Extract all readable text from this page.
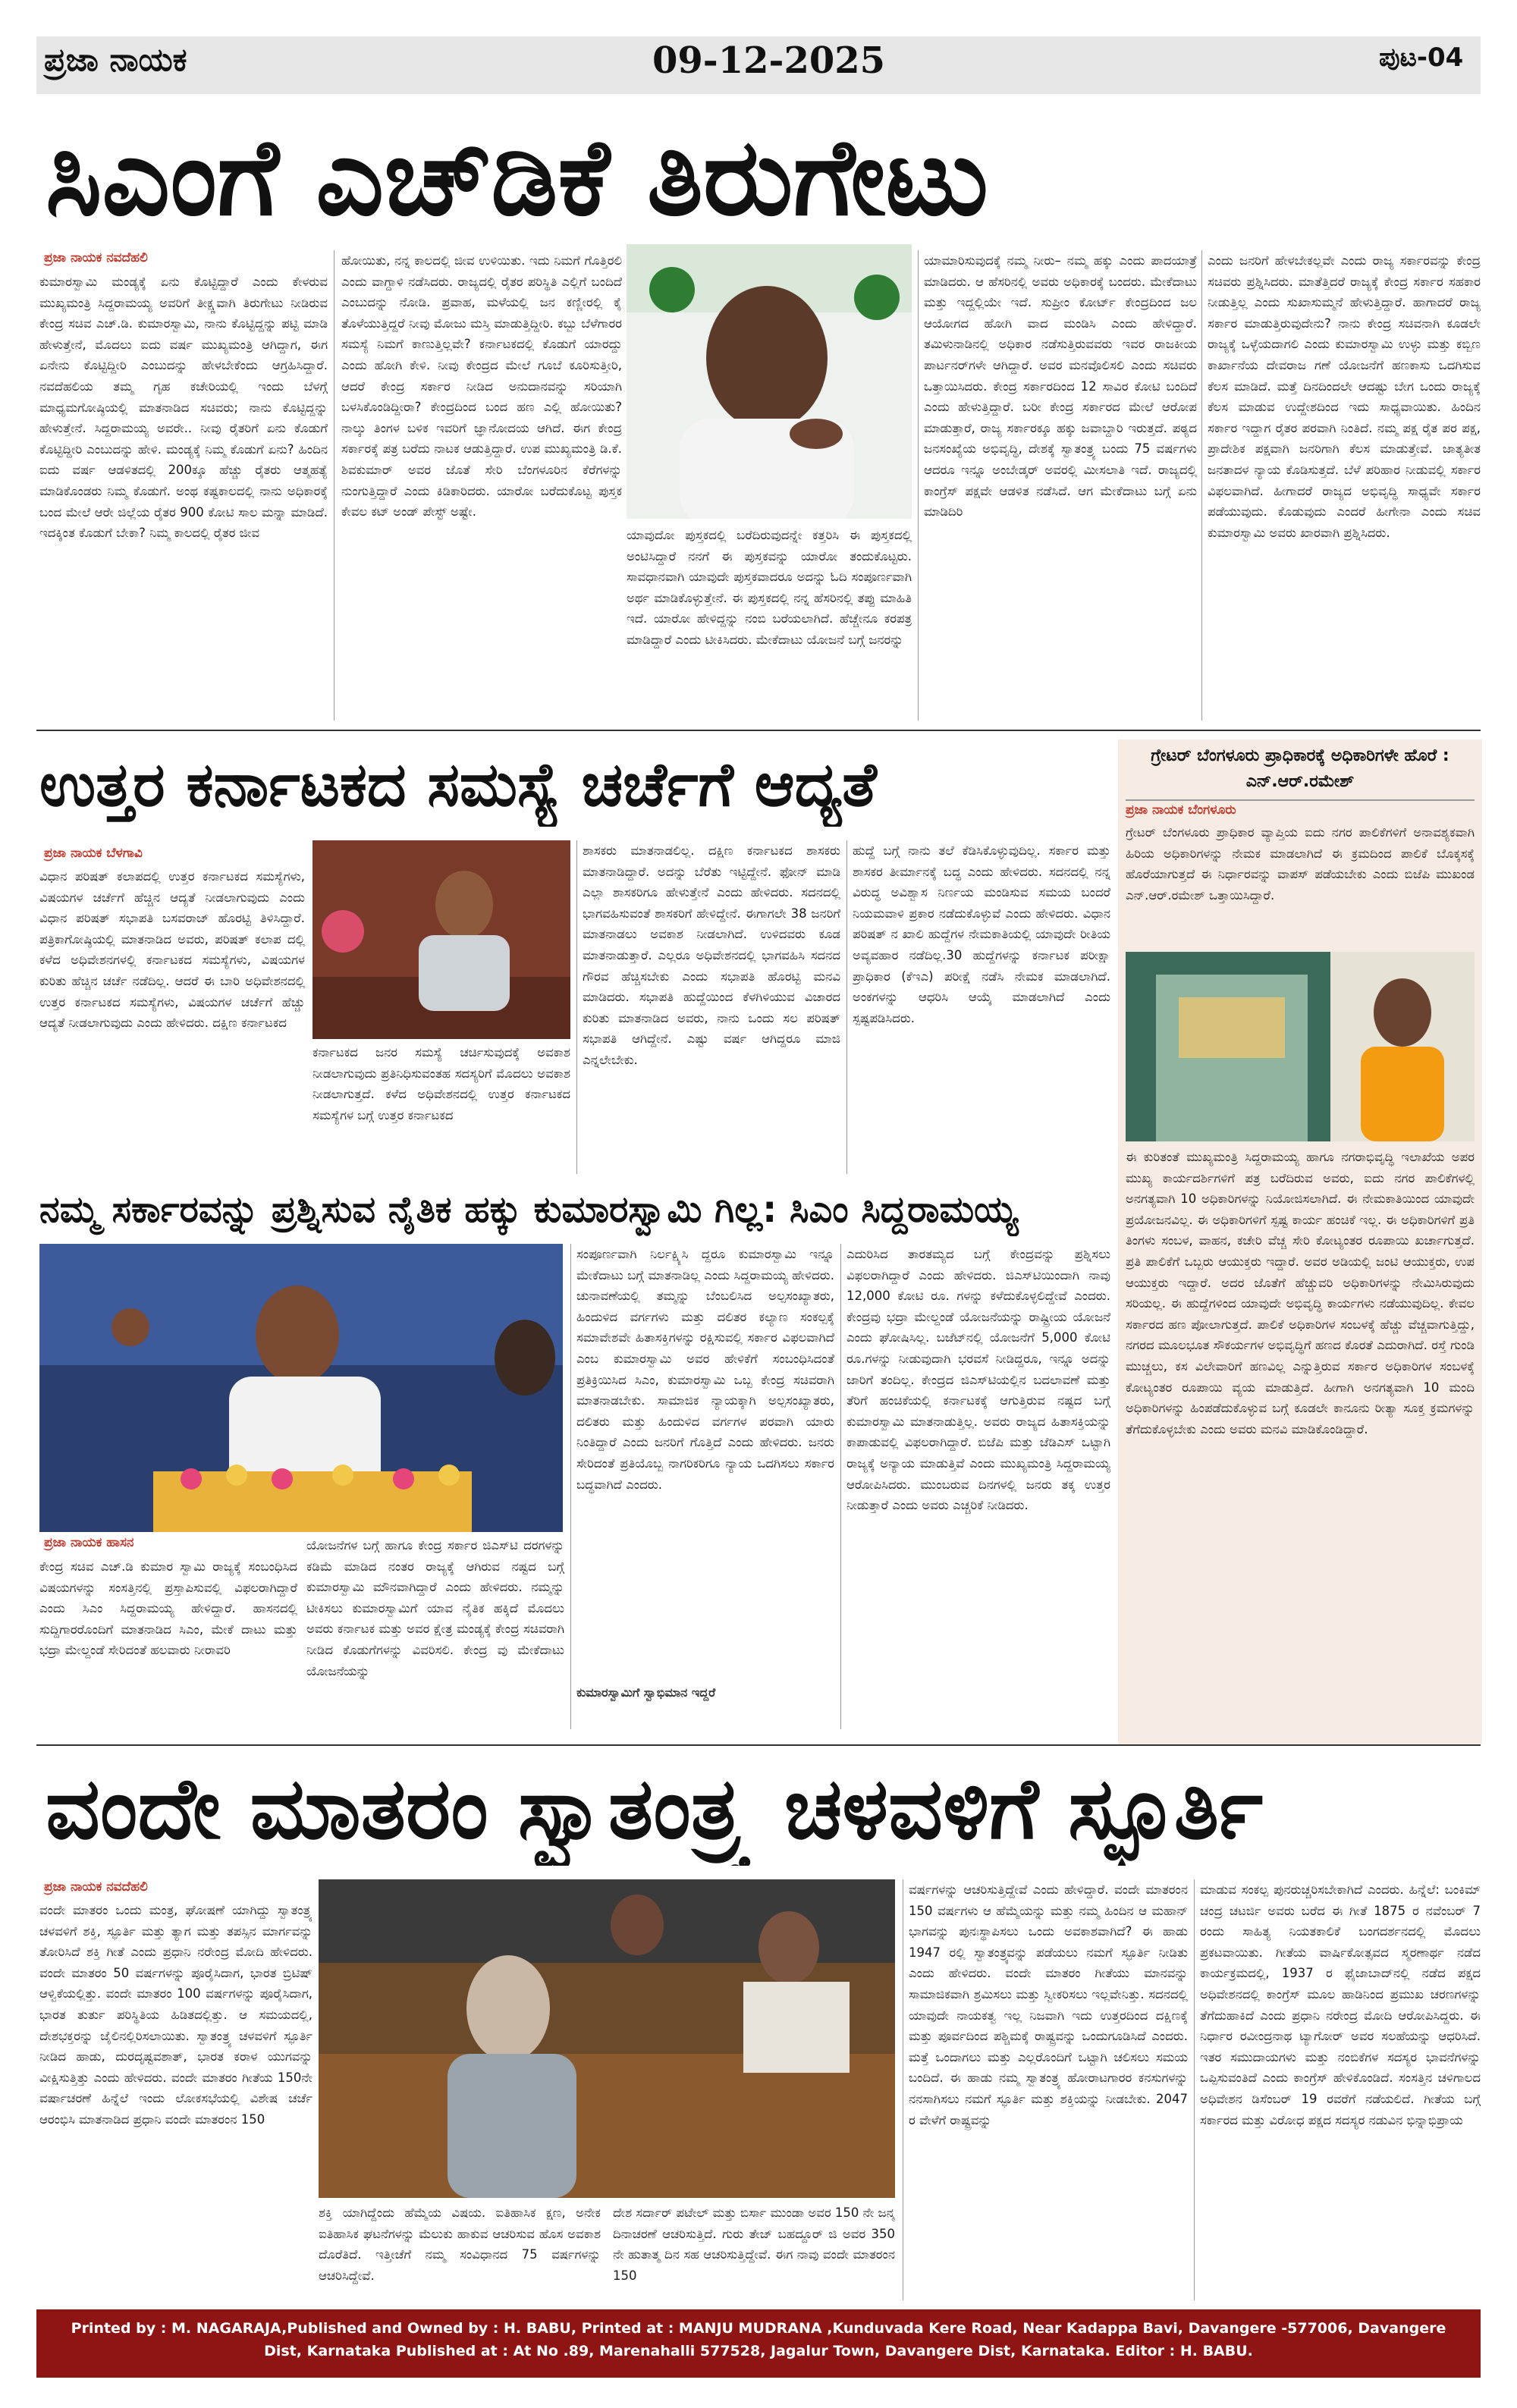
ಪ್ರಜಾ ನಾಯಕ	09-12-2025	ಪುಟ-04
ಸಿಎಂಗೆ ಎಚ್‌ಡಿಕೆ ತಿರುಗೇಟು
ಪ್ರಜಾ ನಾಯಕ ನವದೆಹಲಿ
ಕುಮಾರಸ್ವಾಮಿ ಮಂಡ್ಯಕ್ಕೆ ಏನು ಕೊಟ್ಟಿದ್ದಾರೆ ಎಂದು ಕೇಳರುವ ಮುಖ್ಯಮಂತ್ರಿ ಸಿದ್ದರಾಮಯ್ಯ ಅವರಿಗೆ ತೀಕ್ಷ್ಣವಾಗಿ ತಿರುಗೇಟು ನೀಡಿರುವ ಕೇಂದ್ರ ಸಚಿವ ಎಚ್.ಡಿ. ಕುಮಾರಸ್ವಾಮಿ, ನಾನು ಕೊಟ್ಟಿದ್ದನ್ನು ಪಟ್ಟಿ ಮಾಡಿ ಹೇಳುತ್ತೇನೆ, ಮೊದಲು ಐದು ವರ್ಷ ಮುಖ್ಯಮಂತ್ರಿ ಆಗಿದ್ದಾಗ, ಈಗ ಏನೇನು ಕೊಟ್ಟಿದ್ದೀರಿ ಎಂಬುದನ್ನು ಹೇಳಬೇಕೆಂದು ಆಗ್ರಹಿಸಿದ್ದಾರೆ. ನವದೆಹಲಿಯ ತಮ್ಮ ಗೃಹ ಕಚೇರಿಯಲ್ಲಿ ಇಂದು ಬೆಳಗ್ಗೆ ಮಾಧ್ಯಮಗೋಷ್ಠಿಯಲ್ಲಿ ಮಾತನಾಡಿದ ಸಚಿವರು; ನಾನು ಕೊಟ್ಟಿದ್ದನ್ನು ಹೇಳುತ್ತೇನೆ. ಸಿದ್ದರಾಮಯ್ಯ ಅವರೇ.. ನೀವು ರೈತರಿಗೆ ಏನು ಕೊಡುಗೆ ಕೊಟ್ಟಿದ್ದೀರಿ ಎಂಬುದನ್ನು ಹೇಳಿ. ಮಂಡ್ಯಕ್ಕೆ ನಿಮ್ಮ ಕೊಡುಗೆ ಏನು? ಹಿಂದಿನ ಐದು ವರ್ಷ ಆಡಳಿತದಲ್ಲಿ 200ಕ್ಕೂ ಹೆಚ್ಚು ರೈತರು ಆತ್ಮಹತ್ಯೆ ಮಾಡಿಕೊಂಡರು ನಿಮ್ಮ ಕೊಡುಗೆ. ಅಂಥ ಕಷ್ಟಕಾಲದಲ್ಲಿ ನಾನು ಅಧಿಕಾರಕ್ಕೆ ಬಂದ ಮೇಲೆ ಆರೇ ಜಿಲ್ಲೆಯ ರೈತರ 900 ಕೋಟಿ ಸಾಲ ಮನ್ನಾ ಮಾಡಿದೆ. ಇದಕ್ಕಿಂತ ಕೊಡುಗೆ ಬೇಕಾ? ನಿಮ್ಮ ಕಾಲದಲ್ಲಿ ರೈತರ ಜೀವ
ಹೋಯಿತು, ನನ್ನ ಕಾಲದಲ್ಲಿ ಜೀವ ಉಳಿಯಿತು. ಇದು ನಿಮಗೆ ಗೊತ್ತಿರಲಿ ಎಂದು ವಾಗ್ದಾಳಿ ನಡೆಸಿದರು. ರಾಜ್ಯದಲ್ಲಿ ರೈತರ ಪರಿಸ್ಥಿತಿ ಎಲ್ಲಿಗೆ ಬಂದಿದೆ ಎಂಬುದನ್ನು ನೋಡಿ. ಪ್ರವಾಹ, ಮಳೆಯಲ್ಲಿ ಜನ ಕಣ್ಣೀರಲ್ಲಿ ಕೈ ತೊಳೆಯುತ್ತಿದ್ದರೆ ನೀವು ಮೋಜು ಮಸ್ತಿ ಮಾಡುತ್ತಿದ್ದೀರಿ. ಕಬ್ಬು ಬೆಳೆಗಾರರ ಸಮಸ್ಯೆ ನಿಮಗೆ ಕಾಣುತ್ತಿಲ್ಲವೇ? ಕರ್ನಾಟಕದಲ್ಲಿ ಕೊಡುಗೆ ಯಾರದ್ದು ಎಂದು ಹೋಗಿ ಕೇಳಿ. ನೀವು ಕೇಂದ್ರದ ಮೇಲೆ ಗೂಬೆ ಕೂರಿಸುತ್ತೀರಿ, ಆದರೆ ಕೇಂದ್ರ ಸರ್ಕಾರ ನೀಡಿದ ಅನುದಾನವನ್ನು ಸರಿಯಾಗಿ ಬಳಸಿಕೊಂಡಿದ್ದೀರಾ? ಕೇಂದ್ರದಿಂದ ಬಂದ ಹಣ ಎಲ್ಲಿ ಹೋಯಿತು? ನಾಲ್ಕು ತಿಂಗಳ ಬಳಿಕ ಇವರಿಗೆ ಜ್ಞಾನೋದಯ ಆಗಿದೆ. ಈಗ ಕೇಂದ್ರ ಸರ್ಕಾರಕ್ಕೆ ಪತ್ರ ಬರೆದು ನಾಟಕ ಆಡುತ್ತಿದ್ದಾರೆ. ಉಪ ಮುಖ್ಯಮಂತ್ರಿ ಡಿ.ಕೆ. ಶಿವಕುಮಾರ್ ಅವರ ಜೊತೆ ಸೇರಿ ಬೆಂಗಳೂರಿನ ಕೆರೆಗಳನ್ನು ನುಂಗುತ್ತಿದ್ದಾರೆ ಎಂದು ಕಿಡಿಕಾರಿದರು. ಯಾರೋ ಬರೆದುಕೊಟ್ಟ ಪುಸ್ತಕ ಕೇವಲ ಕಟ್ ಅಂಡ್ ಪೇಸ್ಟ್ ಅಷ್ಟೇ.
ಯಾವುದೋ ಪುಸ್ತಕದಲ್ಲಿ ಬರೆದಿರುವುದನ್ನೇ ಕತ್ತರಿಸಿ ಈ ಪುಸ್ತಕದಲ್ಲಿ ಅಂಟಿಸಿದ್ದಾರೆ ನನಗೆ ಈ ಪುಸ್ತಕವನ್ನು ಯಾರೋ ತಂದುಕೊಟ್ಟರು. ಸಾವಧಾನವಾಗಿ ಯಾವುದೇ ಪುಸ್ತಕವಾದರೂ ಅದನ್ನು ಓದಿ ಸಂಪೂರ್ಣವಾಗಿ ಅರ್ಥ ಮಾಡಿಕೊಳ್ಳುತ್ತೇನೆ. ಈ ಪುಸ್ತಕದಲ್ಲಿ ನನ್ನ ಹೆಸರಿನಲ್ಲಿ ತಪ್ಪು ಮಾಹಿತಿ ಇದೆ. ಯಾರೋ ಹೇಳಿದ್ದನ್ನು ನಂಬಿ ಬರೆಯಲಾಗಿದೆ. ಹೆಚ್ಚೇನೂ ಕರಪತ್ರ ಮಾಡಿದ್ದಾರೆ ಎಂದು ಟೀಕಿಸಿದರು. ಮೇಕೆದಾಟು ಯೋಜನೆ ಬಗ್ಗೆ ಜನರನ್ನು
ಯಾಮಾರಿಸುವುದಕ್ಕೆ ನಮ್ಮ ನೀರು– ನಮ್ಮ ಹಕ್ಕು ಎಂದು ಪಾದಯಾತ್ರೆ ಮಾಡಿದರು. ಆ ಹೆಸರಿನಲ್ಲಿ ಅವರು ಅಧಿಕಾರಕ್ಕೆ ಬಂದರು. ಮೇಕೆದಾಟು ಮತ್ತು ಇದ್ದಲ್ಲಿಯೇ ಇದೆ. ಸುಪ್ರೀಂ ಕೋರ್ಟ್ ಕೇಂದ್ರದಿಂದ ಜಲ ಆಯೋಗದ ಹೋಗಿ ವಾದ ಮಂಡಿಸಿ ಎಂದು ಹೇಳಿದ್ದಾರೆ. ತಮಿಳುನಾಡಿನಲ್ಲಿ ಅಧಿಕಾರ ನಡೆಸುತ್ತಿರುವವರು ಇವರ ರಾಜಕೀಯ ಪಾರ್ಟನರ್‌ಗಳೇ ಆಗಿದ್ದಾರೆ. ಅವರ ಮನವೊಲಿಸಲಿ ಎಂದು ಸಚಿವರು ಒತ್ತಾಯಿಸಿದರು. ಕೇಂದ್ರ ಸರ್ಕಾರದಿಂದ 12 ಸಾವಿರ ಕೋಟಿ ಬಂದಿದೆ ಎಂದು ಹೇಳುತ್ತಿದ್ದಾರೆ. ಬರೀ ಕೇಂದ್ರ ಸರ್ಕಾರದ ಮೇಲೆ ಆರೋಪ ಮಾಡುತ್ತಾರೆ, ರಾಜ್ಯ ಸರ್ಕಾರಕ್ಕೂ ಹಕ್ಕು ಜವಾಬ್ದಾರಿ ಇರುತ್ತದೆ. ಪಠ್ಯದ ಜನಸಂಖ್ಯೆಯ ಅಭಿವೃದ್ಧಿ, ದೇಶಕ್ಕೆ ಸ್ವಾತಂತ್ರ್ಯ ಬಂದು 75 ವರ್ಷಗಳು ಆದರೂ ಇನ್ನೂ ಅಂಬೇಡ್ಕರ್ ಅವರಲ್ಲಿ ಮೀಸಲಾತಿ ಇದೆ. ರಾಜ್ಯದಲ್ಲಿ ಕಾಂಗ್ರೆಸ್ ಪಕ್ಷವೇ ಆಡಳಿತ ನಡೆಸಿದೆ. ಆಗ ಮೇಕೆದಾಟು ಬಗ್ಗೆ ಏನು ಮಾಡಿದಿರಿ
ಎಂದು ಜನರಿಗೆ ಹೇಳಬೇಕಲ್ಲವೇ ಎಂದು ರಾಜ್ಯ ಸರ್ಕಾರವನ್ನು ಕೇಂದ್ರ ಸಚಿವರು ಪ್ರಶ್ನಿಸಿದರು. ಮಾತೆತ್ತಿದರೆ ರಾಜ್ಯಕ್ಕೆ ಕೇಂದ್ರ ಸರ್ಕಾರ ಸಹಕಾರ ನೀಡುತ್ತಿಲ್ಲ ಎಂದು ಸುಖಾಸುಮ್ಮನೆ ಹೇಳುತ್ತಿದ್ದಾರೆ. ಹಾಗಾದರೆ ರಾಜ್ಯ ಸರ್ಕಾರ ಮಾಡುತ್ತಿರುವುದೇನು? ನಾನು ಕೇಂದ್ರ ಸಚಿವನಾಗಿ ಕೂಡಲೇ ರಾಜ್ಯಕ್ಕೆ ಒಳ್ಳೆಯದಾಗಲಿ ಎಂದು ಕುಮಾರಸ್ವಾಮಿ ಉಳ್ಳು ಮತ್ತು ಕಬ್ಬಿಣ ಕಾರ್ಖಾನೆಯ ದೇವರಾಜ ಗಣೆ ಯೋಜನೆಗೆ ಹಣಕಾಸು ಒದಗಿಸುವ ಕೆಲಸ ಮಾಡಿದೆ. ಮತ್ತೆ ದಿನದಿಂದಲೇ ಆದಷ್ಟು ಬೇಗ ಒಂದು ರಾಜ್ಯಕ್ಕೆ ಕೆಲಸ ಮಾಡುವ ಉದ್ದೇಶದಿಂದ ಇದು ಸಾಧ್ಯವಾಯಿತು. ಹಿಂದಿನ ಸರ್ಕಾರ ಇದ್ದಾಗ ರೈತರ ಪರವಾಗಿ ನಿಂತಿದೆ. ನಮ್ಮ ಪಕ್ಷ ರೈತ ಪರ ಪಕ್ಷ, ಪ್ರಾದೇಶಿಕ ಪಕ್ಷವಾಗಿ ಜನರಿಗಾಗಿ ಕೆಲಸ ಮಾಡುತ್ತೇವೆ. ಜಾತ್ಯತೀತ ಜನತಾದಳ ನ್ಯಾಯ ಕೊಡಿಸುತ್ತದೆ. ಬೆಳೆ ಪರಿಹಾರ ನೀಡುವಲ್ಲಿ ಸರ್ಕಾರ ವಿಫಲವಾಗಿದೆ. ಹೀಗಾದರೆ ರಾಜ್ಯದ ಅಭಿವೃದ್ಧಿ ಸಾಧ್ಯವೇ ಸರ್ಕಾರ ಪಡೆಯುವುದು. ಕೊಡುವುದು ಎಂದರೆ ಹೀಗೇನಾ ಎಂದು ಸಚಿವ ಕುಮಾರಸ್ವಾಮಿ ಅವರು ಖಾರವಾಗಿ ಪ್ರಶ್ನಿಸಿದರು.
ಉತ್ತರ ಕರ್ನಾಟಕದ ಸಮಸ್ಯೆ ಚರ್ಚೆಗೆ ಆದ್ಯತೆ
ಪ್ರಜಾ ನಾಯಕ ಬೆಳಗಾವಿ
ವಿಧಾನ ಪರಿಷತ್ ಕಲಾಪದಲ್ಲಿ ಉತ್ತರ ಕರ್ನಾಟಕದ ಸಮಸ್ಯೆಗಳು, ವಿಷಯಗಳ ಚರ್ಚೆಗೆ ಹೆಚ್ಚಿನ ಆದ್ಯತೆ ನೀಡಲಾಗುವುದು ಎಂದು ವಿಧಾನ ಪರಿಷತ್ ಸಭಾಪತಿ ಬಸವರಾಜ್ ಹೊರಟ್ಟಿ ತಿಳಿಸಿದ್ದಾರೆ. ಪತ್ರಿಕಾಗೋಷ್ಠಿಯಲ್ಲಿ ಮಾತನಾಡಿದ ಅವರು, ಪರಿಷತ್ ಕಲಾಪ ದಲ್ಲಿ ಕಳೆದ ಅಧಿವೇಶನಗಳಲ್ಲಿ ಕರ್ನಾಟಕದ ಸಮಸ್ಯೆಗಳು, ವಿಷಯಗಳ ಕುರಿತು ಹೆಚ್ಚಿನ ಚರ್ಚೆ ನಡೆದಿಲ್ಲ. ಆದರೆ ಈ ಬಾರಿ ಅಧಿವೇಶನದಲ್ಲಿ ಉತ್ತರ ಕರ್ನಾಟಕದ ಸಮಸ್ಯೆಗಳು, ವಿಷಯಗಳ ಚರ್ಚೆಗೆ ಹೆಚ್ಚು ಆದ್ಯತೆ ನೀಡಲಾಗುವುದು ಎಂದು ಹೇಳಿದರು. ದಕ್ಷಿಣ ಕರ್ನಾಟಕದ
ಕರ್ನಾಟಕದ ಜನರ ಸಮಸ್ಯೆ ಚರ್ಚಿಸುವುದಕ್ಕೆ ಅವಕಾಶ ನೀಡಲಾಗುವುದು ಪ್ರತಿನಿಧಿಸುವಂತಹ ಸದಸ್ಯರಿಗೆ ಮೊದಲು ಅವಕಾಶ ನೀಡಲಾಗುತ್ತದೆ. ಕಳೆದ ಅಧಿವೇಶನದಲ್ಲಿ ಉತ್ತರ ಕರ್ನಾಟಕದ ಸಮಸ್ಯೆಗಳ ಬಗ್ಗೆ ಉತ್ತರ ಕರ್ನಾಟಕದ
ಶಾಸಕರು ಮಾತನಾಡಲಿಲ್ಲ. ದಕ್ಷಿಣ ಕರ್ನಾಟಕದ ಶಾಸಕರು ಮಾತನಾಡಿದ್ದಾರೆ. ಅದನ್ನು ಬೆರೆತು ಇಟ್ಟಿದ್ದೇನೆ. ಫೋನ್ ಮಾಡಿ ಎಲ್ಲಾ ಶಾಸಕರಿಗೂ ಹೇಳುತ್ತೇನೆ ಎಂದು ಹೇಳಿದರು. ಸದನದಲ್ಲಿ ಭಾಗವಹಿಸುವಂತೆ ಶಾಸಕರಿಗೆ ಹೇಳಿದ್ದೇನೆ. ಈಗಾಗಲೇ 38 ಜನರಿಗೆ ಮಾತನಾಡಲು ಅವಕಾಶ ನೀಡಲಾಗಿದೆ. ಉಳಿದವರು ಕೂಡ ಮಾತನಾಡುತ್ತಾರೆ. ಎಲ್ಲರೂ ಅಧಿವೇಶನದಲ್ಲಿ ಭಾಗವಹಿಸಿ ಸದನದ ಗೌರವ ಹೆಚ್ಚಿಸಬೇಕು ಎಂದು ಸಭಾಪತಿ ಹೊರಟ್ಟಿ ಮನವಿ ಮಾಡಿದರು. ಸಭಾಪತಿ ಹುದ್ದೆಯಿಂದ ಕೆಳಗಿಳಿಯುವ ವಿಚಾರದ ಕುರಿತು ಮಾತನಾಡಿದ ಅವರು, ನಾನು ಒಂದು ಸಲ ಪರಿಷತ್ ಸಭಾಪತಿ ಆಗಿದ್ದೇನೆ. ಎಷ್ಟು ವರ್ಷ ಆಗಿದ್ದರೂ ಮಾಜಿ ಎನ್ನಲೇಬೇಕು.
ಹುದ್ದೆ ಬಗ್ಗೆ ನಾನು ತಲೆ ಕೆಡಿಸಿಕೊಳ್ಳುವುದಿಲ್ಲ. ಸರ್ಕಾರ ಮತ್ತು ಶಾಸಕರ ತೀರ್ಮಾನಕ್ಕೆ ಬದ್ಧ ಎಂದು ಹೇಳಿದರು. ಸದನದಲ್ಲಿ ನನ್ನ ವಿರುದ್ಧ ಅವಿಶ್ವಾಸ ನಿರ್ಣಯ ಮಂಡಿಸುವ ಸಮಯ ಬಂದರೆ ನಿಯಮವಾಳಿ ಪ್ರಕಾರ ನಡೆದುಕೊಳ್ಳುವೆ ಎಂದು ಹೇಳಿದರು. ವಿಧಾನ ಪರಿಷತ್ ನ ಖಾಲಿ ಹುದ್ದೆಗಳ ನೇಮಕಾತಿಯಲ್ಲಿ ಯಾವುದೇ ರೀತಿಯ ಅವ್ಯವಹಾರ ನಡೆದಿಲ್ಲ.30 ಹುದ್ದೆಗಳನ್ನು ಕರ್ನಾಟಕ ಪರೀಕ್ಷಾ ಪ್ರಾಧಿಕಾರ (ಕೆಇಎ) ಪರೀಕ್ಷೆ ನಡೆಸಿ ನೇಮಕ ಮಾಡಲಾಗಿದೆ. ಅಂಕಗಳನ್ನು ಆಧರಿಸಿ ಆಯ್ಕೆ ಮಾಡಲಾಗಿದೆ ಎಂದು ಸ್ಪಷ್ಟಪಡಿಸಿದರು.
ಗ್ರೇಟರ್ ಬೆಂಗಳೂರು ಪ್ರಾಧಿಕಾರಕ್ಕೆ ಅಧಿಕಾರಿಗಳೇ ಹೊರೆ : ಎನ್.ಆರ್.ರಮೇಶ್
ಪ್ರಜಾ ನಾಯಕ ಬೆಂಗಳೂರು
ಗ್ರೇಟರ್ ಬೆಂಗಳೂರು ಪ್ರಾಧಿಕಾರ ವ್ಯಾಪ್ತಿಯ ಐದು ನಗರ ಪಾಲಿಕೆಗಳಿಗೆ ಅನಾವಶ್ಯಕವಾಗಿ ಹಿರಿಯ ಅಧಿಕಾರಿಗಳನ್ನು ನೇಮಕ ಮಾಡಲಾಗಿದೆ ಈ ಕ್ರಮದಿಂದ ಪಾಲಿಕೆ ಬೊಕ್ಕಸಕ್ಕೆ ಹೊರೆಯಾಗುತ್ತದೆ ಈ ನಿರ್ಧಾರವನ್ನು ವಾಪಸ್ ಪಡೆಯಬೇಕು ಎಂದು ಬಿಜೆಪಿ ಮುಖಂಡ ಎನ್.ಆರ್.ರಮೇಶ್ ಒತ್ತಾಯಿಸಿದ್ದಾರೆ.
ಈ ಕುರಿತಂತೆ ಮುಖ್ಯಮಂತ್ರಿ ಸಿದ್ದರಾಮಯ್ಯ ಹಾಗೂ ನಗರಾಭಿವೃದ್ಧಿ ಇಲಾಖೆಯ ಅಪರ ಮುಖ್ಯ ಕಾರ್ಯದರ್ಶಿಗಳಿಗೆ ಪತ್ರ ಬರೆದಿರುವ ಅವರು, ಐದು ನಗರ ಪಾಲಿಕೆಗಳಲ್ಲಿ ಅನಗತ್ಯವಾಗಿ 10 ಅಧಿಕಾರಿಗಳನ್ನು ನಿಯೋಜಿಸಲಾಗಿದೆ. ಈ ನೇಮಕಾತಿಯಿಂದ ಯಾವುದೇ ಪ್ರಯೋಜನವಿಲ್ಲ. ಈ ಅಧಿಕಾರಿಗಳಿಗೆ ಸ್ಪಷ್ಟ ಕಾರ್ಯ ಹಂಚಿಕೆ ಇಲ್ಲ. ಈ ಅಧಿಕಾರಿಗಳಿಗೆ ಪ್ರತಿ ತಿಂಗಳು ಸಂಬಳ, ವಾಹನ, ಕಚೇರಿ ವೆಚ್ಚ ಸೇರಿ ಕೋಟ್ಯಂತರ ರೂಪಾಯಿ ಖರ್ಚಾಗುತ್ತದೆ. ಪ್ರತಿ ಪಾಲಿಕೆಗೆ ಒಬ್ಬರು ಆಯುಕ್ತರು ಇದ್ದಾರೆ. ಅವರ ಅಡಿಯಲ್ಲಿ ಜಂಟಿ ಆಯುಕ್ತರು, ಉಪ ಆಯುಕ್ತರು ಇದ್ದಾರೆ. ಅದರ ಜೊತೆಗೆ ಹೆಚ್ಚುವರಿ ಅಧಿಕಾರಿಗಳನ್ನು ನೇಮಿಸಿರುವುದು ಸರಿಯಲ್ಲ. ಈ ಹುದ್ದೆಗಳಿಂದ ಯಾವುದೇ ಅಭಿವೃದ್ಧಿ ಕಾರ್ಯಗಳು ನಡೆಯುವುದಿಲ್ಲ. ಕೇವಲ ಸರ್ಕಾರದ ಹಣ ಪೋಲಾಗುತ್ತದೆ. ಪಾಲಿಕೆ ಅಧಿಕಾರಿಗಳ ಸಂಬಳಕ್ಕೆ ಹೆಚ್ಚು ವೆಚ್ಚವಾಗುತ್ತಿದ್ದು, ನಗರದ ಮೂಲಭೂತ ಸೌಕರ್ಯಗಳ ಅಭಿವೃದ್ಧಿಗೆ ಹಣದ ಕೊರತೆ ಎದುರಾಗಿದೆ. ರಸ್ತೆ ಗುಂಡಿ ಮುಚ್ಚಲು, ಕಸ ವಿಲೇವಾರಿಗೆ ಹಣವಿಲ್ಲ ಎನ್ನುತ್ತಿರುವ ಸರ್ಕಾರ ಅಧಿಕಾರಿಗಳ ಸಂಬಳಕ್ಕೆ ಕೋಟ್ಯಂತರ ರೂಪಾಯಿ ವ್ಯಯ ಮಾಡುತ್ತಿದೆ. ಹೀಗಾಗಿ ಅನಗತ್ಯವಾಗಿ 10 ಮಂದಿ ಅಧಿಕಾರಿಗಳನ್ನು ಹಿಂಪಡೆದುಕೊಳ್ಳುವ ಬಗ್ಗೆ ಕೂಡಲೇ ಕಾನೂನು ರೀತ್ಯಾ ಸೂಕ್ತ ಕ್ರಮಗಳನ್ನು ತೆಗೆದುಕೊಳ್ಳಬೇಕು ಎಂದು ಅವರು ಮನವಿ ಮಾಡಿಕೊಂಡಿದ್ದಾರೆ.
ನಮ್ಮ ಸರ್ಕಾರವನ್ನು ಪ್ರಶ್ನಿಸುವ ನೈತಿಕ ಹಕ್ಕು ಕುಮಾರಸ್ವಾಮಿ ಗಿಲ್ಲ: ಸಿಎಂ ಸಿದ್ದರಾಮಯ್ಯ
ಪ್ರಜಾ ನಾಯಕ ಹಾಸನ
ಕೇಂದ್ರ ಸಚಿವ ಎಚ್.ಡಿ ಕುಮಾರ ಸ್ವಾಮಿ ರಾಜ್ಯಕ್ಕೆ ಸಂಬಂಧಿಸಿದ ವಿಷಯಗಳನ್ನು ಸಂಸತ್ತಿನಲ್ಲಿ ಪ್ರಸ್ತಾಪಿಸುವಲ್ಲಿ ವಿಫಲರಾಗಿದ್ದಾರೆ ಎಂದು ಸಿಎಂ ಸಿದ್ದರಾಮಯ್ಯ ಹೇಳಿದ್ದಾರೆ. ಹಾಸನದಲ್ಲಿ ಸುದ್ದಿಗಾರರೊಂದಿಗೆ ಮಾತನಾಡಿದ ಸಿಎಂ, ಮೇಕೆ ದಾಟು ಮತ್ತು ಭದ್ರಾ ಮೇಲ್ದಂಡೆ ಸೇರಿದಂತೆ ಹಲವಾರು ನೀರಾವರಿ
ಯೋಜನೆಗಳ ಬಗ್ಗೆ ಹಾಗೂ ಕೇಂದ್ರ ಸರ್ಕಾರ ಜಿಎಸ್‌ಟಿ ದರಗಳನ್ನು ಕಡಿಮೆ ಮಾಡಿದ ನಂತರ ರಾಜ್ಯಕ್ಕೆ ಆಗಿರುವ ನಷ್ಟದ ಬಗ್ಗೆ ಕುಮಾರಸ್ವಾಮಿ ಮೌನವಾಗಿದ್ದಾರೆ ಎಂದು ಹೇಳಿದರು. ನಮ್ಮನ್ನು ಟೀಕಿಸಲು ಕುಮಾರಸ್ವಾಮಿಗೆ ಯಾವ ನೈತಿಕ ಹಕ್ಕಿದೆ ಮೊದಲು ಅವರು ಕರ್ನಾಟಕ ಮತ್ತು ಅವರ ಕ್ಷೇತ್ರ ಮಂಡ್ಯಕ್ಕೆ ಕೇಂದ್ರ ಸಚಿವರಾಗಿ ನೀಡಿದ ಕೊಡುಗೆಗಳನ್ನು ವಿವರಿಸಲಿ. ಕೇಂದ್ರ ವು ಮೇಕೆದಾಟು ಯೋಜನೆಯನ್ನು
ಸಂಪೂರ್ಣವಾಗಿ ನಿರ್ಲಕ್ಷ್ಯಿಸಿ ದ್ದರೂ ಕುಮಾರಸ್ವಾಮಿ ಇನ್ನೂ ಮೇಕೆದಾಟು ಬಗ್ಗೆ ಮಾತನಾಡಿಲ್ಲ ಎಂದು ಸಿದ್ದರಾಮಯ್ಯ ಹೇಳಿದರು. ಚುನಾವಣೆಯಲ್ಲಿ ತಮ್ಮನ್ನು ಬೆಂಬಲಿಸಿದ ಅಲ್ಪಸಂಖ್ಯಾತರು, ಹಿಂದುಳಿದ ವರ್ಗಗಳು ಮತ್ತು ದಲಿತರ ಕಲ್ಯಾಣ ಸಂಕಲ್ಪಕ್ಕೆ ಸಮಾವೇಶವೇ ಹಿತಾಸಕ್ತಿಗಳನ್ನು ರಕ್ಷಿಸುವಲ್ಲಿ ಸರ್ಕಾರ ವಿಫಲವಾಗಿದೆ ಎಂಬ ಕುಮಾರಸ್ವಾಮಿ ಅವರ ಹೇಳಿಕೆಗೆ ಸಂಬಂಧಿಸಿದಂತೆ ಪ್ರತಿಕ್ರಿಯಿಸಿದ ಸಿಎಂ, ಕುಮಾರಸ್ವಾಮಿ ಒಬ್ಬ ಕೇಂದ್ರ ಸಚಿವರಾಗಿ ಮಾತನಾಡಬೇಕು. ಸಾಮಾಜಿಕ ನ್ಯಾಯಕ್ಕಾಗಿ ಅಲ್ಪಸಂಖ್ಯಾತರು, ದಲಿತರು ಮತ್ತು ಹಿಂದುಳಿದ ವರ್ಗಗಳ ಪರವಾಗಿ ಯಾರು ನಿಂತಿದ್ದಾರೆ ಎಂದು ಜನರಿಗೆ ಗೊತ್ತಿದೆ ಎಂದು ಹೇಳಿದರು. ಜನರು ಸೇರಿದಂತೆ ಪ್ರತಿಯೊಬ್ಬ ನಾಗರಿಕರಿಗೂ ನ್ಯಾಯ ಒದಗಿಸಲು ಸರ್ಕಾರ ಬದ್ಧವಾಗಿದೆ ಎಂದರು.
ಕುಮಾರಸ್ವಾಮಿಗೆ ಸ್ವಾಭಿಮಾನ ಇದ್ದರೆ
ಎದುರಿಸಿದ ತಾರತಮ್ಯದ ಬಗ್ಗೆ ಕೇಂದ್ರವನ್ನು ಪ್ರಶ್ನಿಸಲು ವಿಫಲರಾಗಿದ್ದಾರೆ ಎಂದು ಹೇಳಿದರು. ಜಿಎಸ್‌ಟಿಯಿಂದಾಗಿ ನಾವು 12,000 ಕೋಟಿ ರೂ. ಗಳನ್ನು ಕಳೆದುಕೊಳ್ಳಲಿದ್ದೇವೆ ಎಂದರು. ಕೇಂದ್ರವು ಭದ್ರಾ ಮೇಲ್ದಂಡೆ ಯೋಜನೆಯನ್ನು ರಾಷ್ಟ್ರೀಯ ಯೋಜನೆ ಎಂದು ಘೋಷಿಸಿಲ್ಲ. ಬಜೆಟ್‌ನಲ್ಲಿ ಯೋಜನೆಗೆ 5,000 ಕೋಟಿ ರೂ.ಗಳನ್ನು ನೀಡುವುದಾಗಿ ಭರವಸೆ ನೀಡಿದ್ದರೂ, ಇನ್ನೂ ಅದನ್ನು ಜಾರಿಗೆ ತಂದಿಲ್ಲ. ಕೇಂದ್ರದ ಜಿಎಸ್‌ಟಿಯಲ್ಲಿನ ಬದಲಾವಣೆ ಮತ್ತು ತೆರಿಗೆ ಹಂಚಿಕೆಯಲ್ಲಿ ಕರ್ನಾಟಕಕ್ಕೆ ಆಗುತ್ತಿರುವ ನಷ್ಟದ ಬಗ್ಗೆ ಕುಮಾರಸ್ವಾಮಿ ಮಾತನಾಡುತ್ತಿಲ್ಲ. ಅವರು ರಾಜ್ಯದ ಹಿತಾಸಕ್ತಿಯನ್ನು ಕಾಪಾಡುವಲ್ಲಿ ವಿಫಲರಾಗಿದ್ದಾರೆ. ಬಿಜೆಪಿ ಮತ್ತು ಜೆಡಿಎಸ್ ಒಟ್ಟಾಗಿ ರಾಜ್ಯಕ್ಕೆ ಅನ್ಯಾಯ ಮಾಡುತ್ತಿವೆ ಎಂದು ಮುಖ್ಯಮಂತ್ರಿ ಸಿದ್ದರಾಮಯ್ಯ ಆರೋಪಿಸಿದರು. ಮುಂಬರುವ ದಿನಗಳಲ್ಲಿ ಜನರು ತಕ್ಕ ಉತ್ತರ ನೀಡುತ್ತಾರೆ ಎಂದು ಅವರು ಎಚ್ಚರಿಕೆ ನೀಡಿದರು.
ವಂದೇ ಮಾತರಂ ಸ್ವಾತಂತ್ರ್ಯ ಚಳವಳಿಗೆ ಸ್ಫೂರ್ತಿ
ಪ್ರಜಾ ನಾಯಕ ನವದೆಹಲಿ
ವಂದೇ ಮಾತರಂ ಒಂದು ಮಂತ್ರ, ಘೋಷಣೆ ಯಾಗಿದ್ದು ಸ್ವಾತಂತ್ರ್ಯ ಚಳವಳಿಗೆ ಶಕ್ತಿ, ಸ್ಫೂರ್ತಿ ಮತ್ತು ತ್ಯಾಗ ಮತ್ತು ತಪಸ್ಸಿನ ಮಾರ್ಗವನ್ನು ತೋರಿಸಿದೆ ಶಕ್ತಿ ಗೀತೆ ಎಂದು ಪ್ರಧಾನಿ ನರೇಂದ್ರ ಮೋದಿ ಹೇಳಿದರು. ವಂದೇ ಮಾತರಂ 50 ವರ್ಷಗಳನ್ನು ಪೂರೈಸಿದಾಗ, ಭಾರತ ಬ್ರಿಟಿಷ್ ಆಳ್ವಿಕೆಯಲ್ಲಿತ್ತು. ವಂದೇ ಮಾತರಂ 100 ವರ್ಷಗಳನ್ನು ಪೂರೈಸಿದಾಗ, ಭಾರತ ತುರ್ತು ಪರಿಸ್ಥಿತಿಯ ಹಿಡಿತದಲ್ಲಿತ್ತು. ಆ ಸಮಯದಲ್ಲಿ, ದೇಶಭಕ್ತರನ್ನು ಜೈಲಿನಲ್ಲಿರಿಸಲಾಯಿತು. ಸ್ವಾತಂತ್ರ್ಯ ಚಳವಳಿಗೆ ಸ್ಫೂರ್ತಿ ನೀಡಿದ ಹಾಡು, ದುರದೃಷ್ಟವಶಾತ್, ಭಾರತ ಕರಾಳ ಯುಗವನ್ನು ವೀಕ್ಷಿಸುತ್ತಿತ್ತು ಎಂದು ಹೇಳಿದರು. ವಂದೇ ಮಾತರಂ ಗೀತೆಯ 150ನೇ ವರ್ಷಾಚರಣೆ ಹಿನ್ನೆಲೆ ಇಂದು ಲೋಕಸಭೆಯಲ್ಲಿ ವಿಶೇಷ ಚರ್ಚೆ ಆರಂಭಿಸಿ ಮಾತನಾಡಿದ ಪ್ರಧಾನಿ ವಂದೇ ಮಾತರಂನ 150
ಶಕ್ತಿ ಯಾಗಿದ್ದೆಂದು ಹೆಮ್ಮೆಯ ವಿಷಯ. ಐತಿಹಾಸಿಕ ಕ್ಷಣ, ಅನೇಕ ಐತಿಹಾಸಿಕ ಘಟನೆಗಳನ್ನು ಮೆಲುಕು ಹಾಕುವ ಆಚರಿಸುವ ಹೊಸ ಅವಕಾಶ ದೊರೆತಿದೆ. ಇತ್ತೀಚೆಗೆ ನಮ್ಮ ಸಂವಿಧಾನದ 75 ವರ್ಷಗಳನ್ನು ಆಚರಿಸಿದ್ದೇವೆ.
ದೇಶ ಸರ್ದಾರ್ ಪಟೇಲ್ ಮತ್ತು ಬಿರ್ಸಾ ಮುಂಡಾ ಅವರ 150 ನೇ ಜನ್ಮ ದಿನಾಚರಣೆ ಆಚರಿಸುತ್ತಿದೆ. ಗುರು ತೇಜ್ ಬಹದ್ದೂರ್ ಜಿ ಅವರ 350 ನೇ ಹುತಾತ್ಮ ದಿನ ಸಹ ಆಚರಿಸುತ್ತಿದ್ದೇವೆ. ಈಗ ನಾವು ವಂದೇ ಮಾತರಂನ 150
ವರ್ಷಗಳನ್ನು ಆಚರಿಸುತ್ತಿದ್ದೇವೆ ಎಂದು ಹೇಳಿದ್ದಾರೆ. ವಂದೇ ಮಾತರಂನ 150 ವರ್ಷಗಳು ಆ ಹೆಮ್ಮೆಯನ್ನು ಮತ್ತು ನಮ್ಮ ಹಿಂದಿನ ಆ ಮಹಾನ್ ಭಾಗವನ್ನು ಪುನಃಸ್ಥಾಪಿಸಲು ಒಂದು ಅವಕಾಶವಾಗಿದೆ? ಈ ಹಾಡು 1947 ರಲ್ಲಿ ಸ್ವಾತಂತ್ರ್ಯವನ್ನು ಪಡೆಯಲು ನಮಗೆ ಸ್ಫೂರ್ತಿ ನೀಡಿತು ಎಂದು ಹೇಳಿದರು. ವಂದೇ ಮಾತರಂ ಗೀತೆಯು ಮಾನವನ್ನು ಸಾಮಾಜಿಕವಾಗಿ ಶ್ರಮಿಸಲು ಮತ್ತು ಸ್ವೀಕರಿಸಲು ಇಲ್ಲವೇನಿತ್ತು. ಸದನದಲ್ಲಿ ಯಾವುದೇ ನಾಯಕತ್ವ ಇಲ್ಲ ನಿಜವಾಗಿ ಇದು ಉತ್ತರದಿಂದ ದಕ್ಷಿಣಕ್ಕೆ ಮತ್ತು ಪೂರ್ವದಿಂದ ಪಶ್ಚಿಮಕ್ಕೆ ರಾಷ್ಟ್ರವನ್ನು ಒಂದುಗೂಡಿಸಿದೆ ಎಂದರು. ಮತ್ತೆ ಒಂದಾಗಲು ಮತ್ತು ಎಲ್ಲರೊಂದಿಗೆ ಒಟ್ಟಾಗಿ ಚಲಿಸಲು ಸಮಯ ಬಂದಿದೆ. ಈ ಹಾಡು ನಮ್ಮ ಸ್ವಾತಂತ್ರ್ಯ ಹೋರಾಟಗಾರರ ಕನಸುಗಳನ್ನು ನನಸಾಗಿಸಲು ನಮಗೆ ಸ್ಫೂರ್ತಿ ಮತ್ತು ಶಕ್ತಿಯನ್ನು ನೀಡಬೇಕು. 2047 ರ ವೇಳೆಗೆ ರಾಷ್ಟ್ರವನ್ನು
ಮಾಡುವ ಸಂಕಲ್ಪ ಪುನರುಚ್ಚರಿಸಬೇಕಾಗಿದೆ ಎಂದರು. ಹಿನ್ನೆಲೆ: ಬಂಕಿಮ್ ಚಂದ್ರ ಚಟರ್ಜಿ ಅವರು ಬರೆದ ಈ ಗೀತೆ 1875 ರ ನವೆಂಬರ್ 7 ರಂದು ಸಾಹಿತ್ಯ ನಿಯತಕಾಲಿಕೆ ಬಂಗದರ್ಶನದಲ್ಲಿ ಮೊದಲು ಪ್ರಕಟವಾಯಿತು. ಗೀತೆಯ ವಾರ್ಷಿಕೋತ್ಸವದ ಸ್ಮರಣಾರ್ಥ ನಡೆದ ಕಾರ್ಯಕ್ರಮದಲ್ಲಿ, 1937 ರ ಫೈಜಾಬಾದ್‌ನಲ್ಲಿ ನಡೆದ ಪಕ್ಷದ ಅಧಿವೇಶನದಲ್ಲಿ ಕಾಂಗ್ರೆಸ್ ಮೂಲ ಹಾಡಿನಿಂದ ಪ್ರಮುಖ ಚರಣಗಳನ್ನು ತೆಗೆದುಹಾಕಿದೆ ಎಂದು ಪ್ರಧಾನಿ ನರೇಂದ್ರ ಮೋದಿ ಆರೋಪಿಸಿದ್ದರು. ಈ ನಿರ್ಧಾರ ರವೀಂದ್ರನಾಥ ಟ್ಯಾಗೋರ್ ಅವರ ಸಲಹೆಯನ್ನು ಆಧರಿಸಿದೆ. ಇತರ ಸಮುದಾಯಗಳು ಮತ್ತು ನಂಬಿಕೆಗಳ ಸದಸ್ಯರ ಭಾವನೆಗಳನ್ನು ಒಪ್ಪಿಸುವಂತಿದೆ ಎಂದು ಕಾಂಗ್ರೆಸ್ ಹೇಳಿಕೊಂಡಿದೆ. ಸಂಸತ್ತಿನ ಚಳಿಗಾಲದ ಅಧಿವೇಶನ ಡಿಸೆಂಬರ್ 19 ರವರೆಗೆ ನಡೆಯಲಿದೆ. ಗೀತೆಯ ಬಗ್ಗೆ ಸರ್ಕಾರದ ಮತ್ತು ವಿರೋಧ ಪಕ್ಷದ ಸದಸ್ಯರ ನಡುವಿನ ಭಿನ್ನಾಭಿಪ್ರಾಯ
Printed by : M. NAGARAJA,Published and Owned by : H. BABU, Printed at : MANJU MUDRANA ,Kunduvada Kere Road, Near Kadappa Bavi, Davangere -577006, Davangere
Dist, Karnataka Published at : At No .89, Marenahalli 577528, Jagalur Town, Davangere Dist, Karnataka. Editor : H. BABU.
